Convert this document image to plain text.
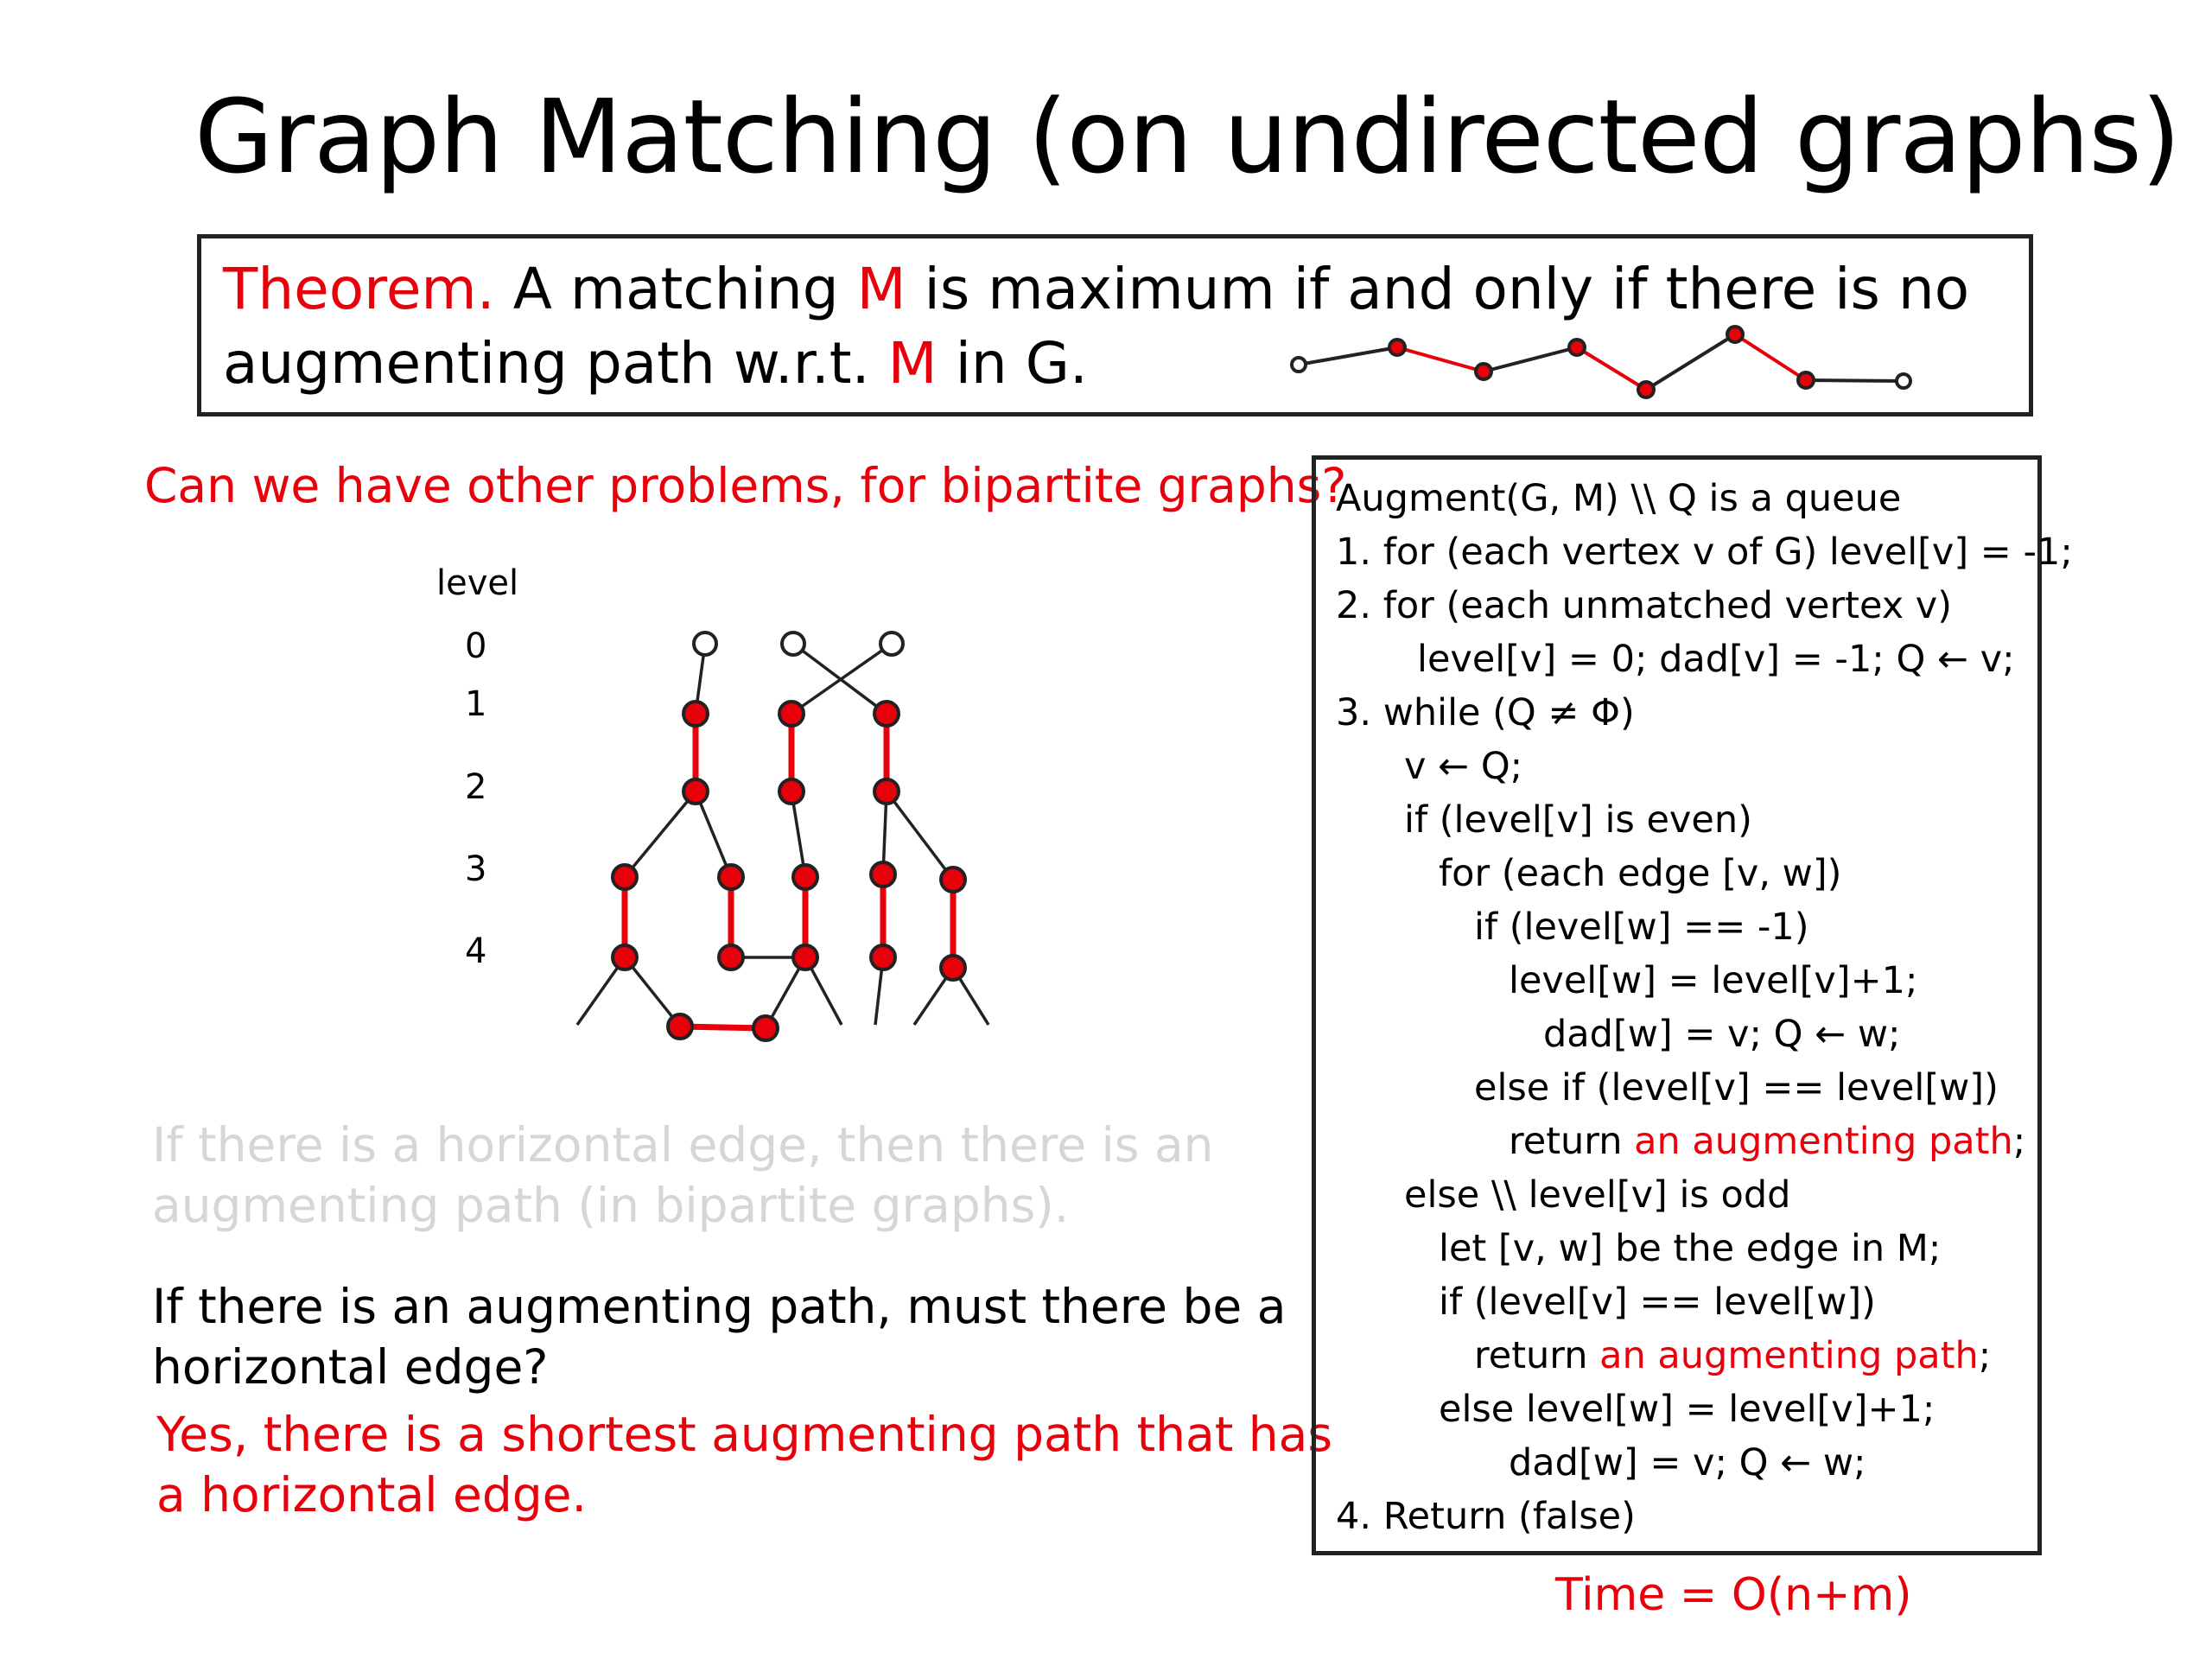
Graph Matching (on undirected graphs)
Theorem. A matching M is maximum if and only if there is no
augmenting path w.r.t. M in G.
Can we have other problems, for bipartite graphs?
level
0
1
2
3
4
If there is a horizontal edge, then there is an
augmenting path (in bipartite graphs).
If there is an augmenting path, must there be a
horizontal edge?
Yes, there is a shortest augmenting path that has
a horizontal edge.
Augment(G, M) \\ Q is a queue
1. for (each vertex v of G) level[v] = -1;
2. for (each unmatched vertex v)
level[v] = 0; dad[v] = -1; Q ← v;
3. while (Q ≠ Φ)
v ← Q;
if (level[v] is even)
for (each edge [v, w])
if (level[w] == -1)
level[w] = level[v]+1;
dad[w] = v; Q ← w;
else if (level[v] == level[w])
return an augmenting path;
else \\ level[v] is odd
let [v, w] be the edge in M;
if (level[v] == level[w])
return an augmenting path;
else level[w] = level[v]+1;
dad[w] = v; Q ← w;
4. Return (false)
Time = O(n+m)
